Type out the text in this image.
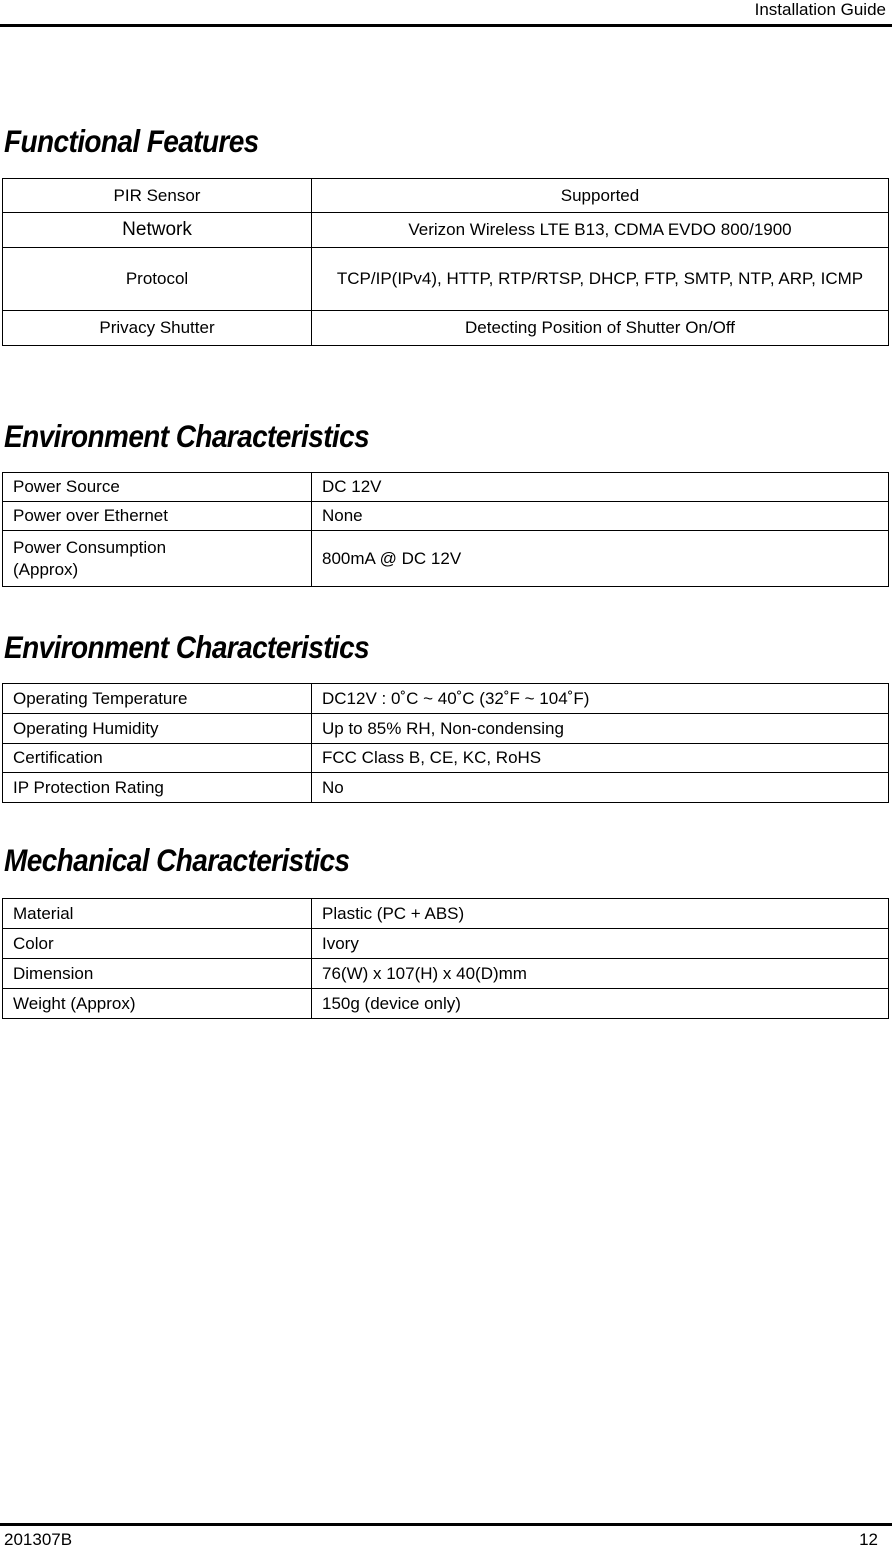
Installation Guide
Functional Features
PIR Sensor	Supported
Network	Verizon Wireless LTE B13, CDMA EVDO 800/1900
Protocol	TCP/IP(IPv4), HTTP, RTP/RTSP, DHCP, FTP, SMTP, NTP, ARP, ICMP
Privacy Shutter	Detecting Position of Shutter On/Off
Environment Characteristics
Power Source	DC 12V
Power over Ethernet	None
Power Consumption (Approx)	800mA @ DC 12V
Environment Characteristics
Operating Temperature	DC12V : 0˚C ~ 40˚C (32˚F ~ 104˚F)
Operating Humidity	Up to 85% RH, Non-condensing
Certification	FCC Class B, CE, KC, RoHS
IP Protection Rating	No
Mechanical Characteristics
Material	Plastic (PC + ABS)
Color	Ivory
Dimension	76(W) x 107(H) x 40(D)mm
Weight (Approx)	150g (device only)
201307B	12
